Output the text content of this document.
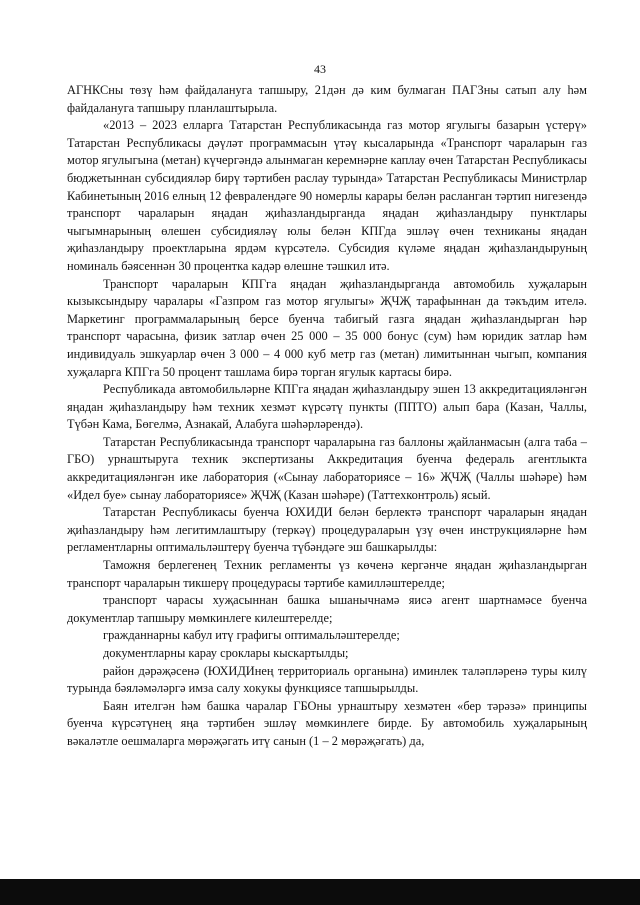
43

АГНКСны төзү һәм файдалануга тапшыру, 21дән дә ким булмаган ПАГЗны сатып алу һәм файдалануга тапшыру планлаштырыла.

«2013 – 2023 елларга Татарстан Республикасында газ мотор ягулыгы базарын үстерү» Татарстан Республикасы дәүләт программасын үтәү кысаларында «Транспорт чараларын газ мотор ягулыгына (метан) күчергәндә алынмаган керемнәрне каплау өчен Татарстан Республикасы бюджетыннан субсидияләр бирү тәртибен раслау турында» Татарстан Республикасы Министрлар Кабинетының 2016 елның 12 февралендәге 90 номерлы карары белән расланган тәртип нигезендә транспорт чараларын яңадан җиһазландырганда яңадан җиһазландыру пунктлары чыгымнарының өлешен субсидияләү юлы белән КПГда эшләү өчен техниканы яңадан җиһазландыру проектларына ярдәм күрсәтелә. Субсидия күләме яңадан җиһазландыруның номиналь бәясеннән 30 процентка кадәр өлешне тәшкил итә.

Транспорт чараларын КПГга яңадан җиһазландырганда автомобиль хуҗаларын кызыксындыру чаралары «Газпром газ мотор ягулыгы» ҖЧҖ тарафыннан да тәкъдим ителә. Маркетинг программаларының берсе буенча табигый газга яңадан җиһазландырган һәр транспорт чарасына, физик затлар өчен 25 000 – 35 000 бонус (сум) һәм юридик затлар һәм индивидуаль эшкуарлар өчен 3 000 – 4 000 куб метр газ (метан) лимитыннан чыгып, компания хуҗаларга КПГга 50 процент ташлама бирә торган ягулык картасы бирә.

Республикада автомобильләрне КПГга яңадан җиһазландыру эшен 13 аккредитацияләнгән яңадан җиһазландыру һәм техник хезмәт күрсәтү пункты (ППТО) алып бара (Казан, Чаллы, Түбән Кама, Бөгелмә, Азнакай, Алабуга шәһәрләрендә).

Татарстан Республикасында транспорт чараларына газ баллоны җайланмасын (алга таба – ГБО) урнаштыруга техник экспертизаны Аккредитация буенча федераль агентлыкта аккредитацияләнгән ике лаборатория («Сынау лабораториясе – 16» ҖЧҖ (Чаллы шәһәре) һәм «Идел буе» сынау лабораториясе» ҖЧҖ (Казан шәһәре) (Таттехконтроль) ясый.

Татарстан Республикасы буенча ЮХИДИ белән берлектә транспорт чараларын яңадан җиһазландыру һәм легитимлаштыру (теркәү) процедураларын үзү өчен инструкцияләрне һәм регламентларны оптимальләштерү буенча түбәндәге эш башкарылды:

Таможня берлегенең Техник регламенты үз көченә кергәнче яңадан җиһазландырган транспорт чараларын тикшерү процедурасы тәртибе камилләштерелде;

транспорт чарасы хуҗасыннан башка ышанычнамә яисә агент шартнамәсе буенча документлар тапшыру мөмкинлеге килештерелде;

гражданнарны кабул итү графигы оптимальләштерелде;

документларны карау сроклары кыскартылды;

район дәрәҗәсенә (ЮХИДИнең территориаль органына) иминлек таләпләренә туры килү турында бәяләмәләргә имза салу хокукы функциясе тапшырылды.

Баян ителгән һәм башка чаралар ГБОны урнаштыру хезмәтен «бер тәрәзә» принципы буенча күрсәтүнең яңа тәртибен эшләү мөмкинлеге бирде. Бу автомобиль хуҗаларының вәкаләтле оешмаларга мөрәҗәгать итү санын (1 – 2 мөрәҗәгать) да,
